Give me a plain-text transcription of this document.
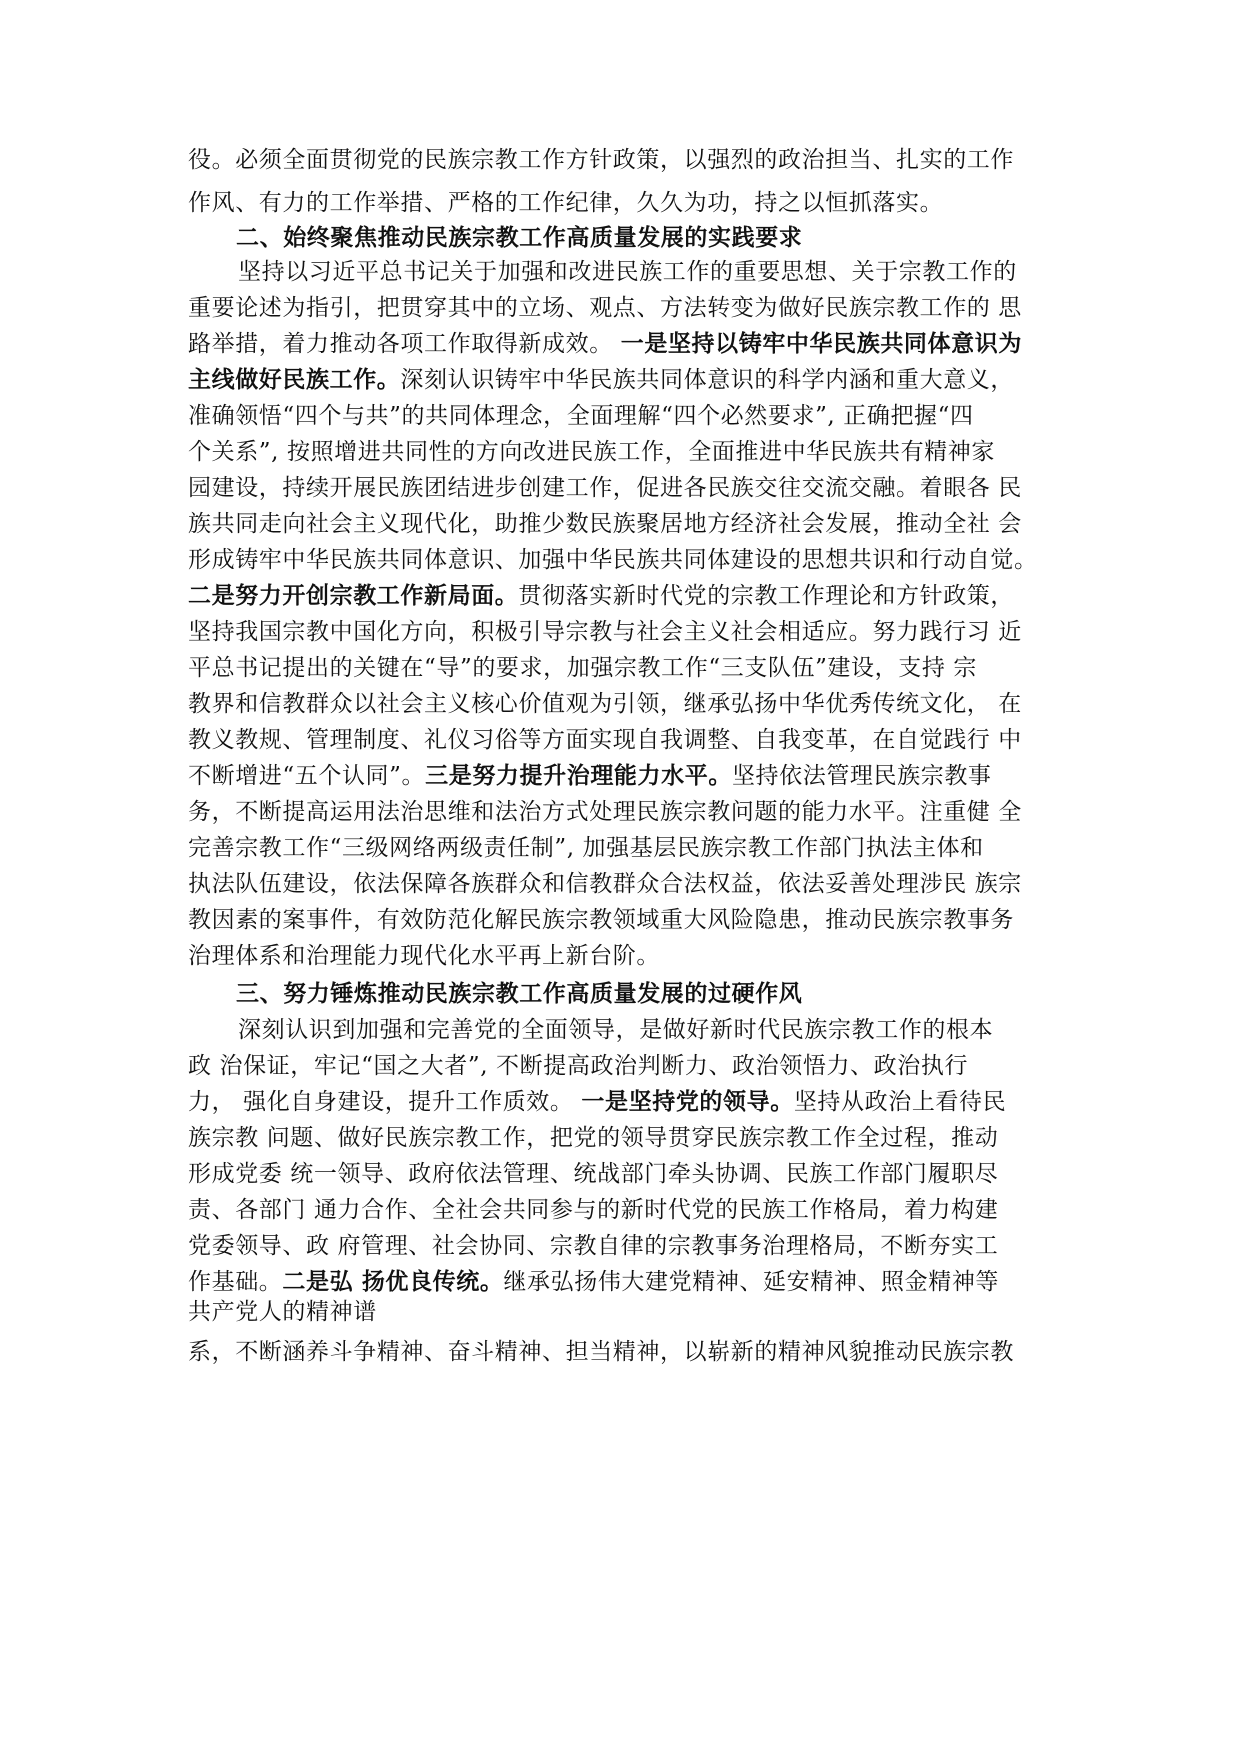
役。必须全面贯彻党的民族宗教工作方针政策，以强烈的政治担当、扎实的工作
作风、有力的工作举措、严格的工作纪律，久久为功，持之以恒抓落实。
二、始终聚焦推动民族宗教工作高质量发展的实践要求
坚持以习近平总书记关于加强和改进民族工作的重要思想、关于宗教工作的
重要论述为指引，把贯穿其中的立场、观点、方法转变为做好民族宗教工作的 思
路举措，着力推动各项工作取得新成效。 一是坚持以铸牢中华民族共同体意识为
主线做好民族工作。深刻认识铸牢中华民族共同体意识的科学内涵和重大意义，
准确领悟“四个与共”的共同体理念，全面理解“四个必然要求”, 正确把握“四
个关系”, 按照增进共同性的方向改进民族工作，全面推进中华民族共有精神家
园建设，持续开展民族团结进步创建工作，促进各民族交往交流交融。着眼各 民
族共同走向社会主义现代化，助推少数民族聚居地方经济社会发展，推动全社 会
形成铸牢中华民族共同体意识、加强中华民族共同体建设的思想共识和行动自觉。
二是努力开创宗教工作新局面。贯彻落实新时代党的宗教工作理论和方针政策，
坚持我国宗教中国化方向，积极引导宗教与社会主义社会相适应。努力践行习 近
平总书记提出的关键在“导”的要求，加强宗教工作“三支队伍”建设，支持 宗
教界和信教群众以社会主义核心价值观为引领，继承弘扬中华优秀传统文化， 在
教义教规、管理制度、礼仪习俗等方面实现自我调整、自我变革，在自觉践行 中
不断增进“五个认同”。三是努力提升治理能力水平。坚持依法管理民族宗教事
务，不断提高运用法治思维和法治方式处理民族宗教问题的能力水平。注重健 全
完善宗教工作“三级网络两级责任制”, 加强基层民族宗教工作部门执法主体和
执法队伍建设，依法保障各族群众和信教群众合法权益，依法妥善处理涉民 族宗
教因素的案事件，有效防范化解民族宗教领域重大风险隐患，推动民族宗教事务
治理体系和治理能力现代化水平再上新台阶。
三、努力锤炼推动民族宗教工作高质量发展的过硬作风
深刻认识到加强和完善党的全面领导，是做好新时代民族宗教工作的根本
政 治保证，牢记“国之大者”, 不断提高政治判断力、政治领悟力、政治执行
力， 强化自身建设，提升工作质效。 一是坚持党的领导。坚持从政治上看待民
族宗教 问题、做好民族宗教工作，把党的领导贯穿民族宗教工作全过程，推动
形成党委 统一领导、政府依法管理、统战部门牵头协调、民族工作部门履职尽
责、各部门 通力合作、全社会共同参与的新时代党的民族工作格局，着力构建
党委领导、政 府管理、社会协同、宗教自律的宗教事务治理格局，不断夯实工
作基础。二是弘 扬优良传统。继承弘扬伟大建党精神、延安精神、照金精神等
共产党人的精神谱
系，不断涵养斗争精神、奋斗精神、担当精神，以崭新的精神风貌推动民族宗教
